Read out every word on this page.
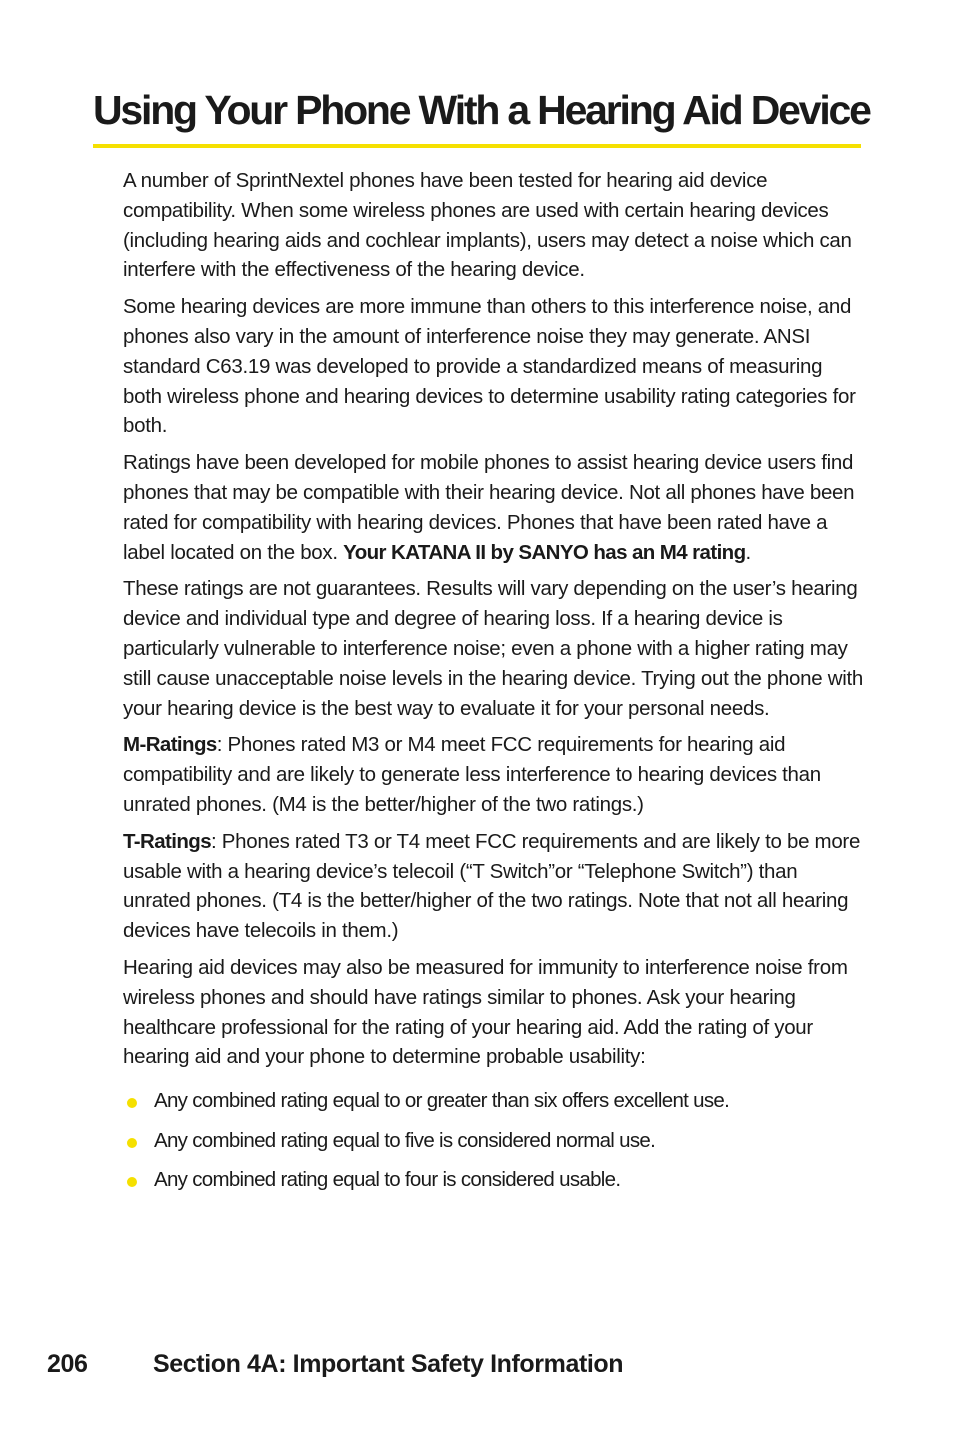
Using Your Phone With a Hearing Aid Device

A number of SprintNextel phones have been tested for hearing aid device compatibility. When some wireless phones are used with certain hearing devices (including hearing aids and cochlear implants), users may detect a noise which can interfere with the effectiveness of the hearing device.

Some hearing devices are more immune than others to this interference noise, and phones also vary in the amount of interference noise they may generate. ANSI standard C63.19 was developed to provide a standardized means of measuring both wireless phone and hearing devices to determine usability rating categories for both.

Ratings have been developed for mobile phones to assist hearing device users find phones that may be compatible with their hearing device. Not all phones have been rated for compatibility with hearing devices. Phones that have been rated have a label located on the box. Your KATANA II by SANYO has an M4 rating.

These ratings are not guarantees. Results will vary depending on the user’s hearing device and individual type and degree of hearing loss. If a hearing device is particularly vulnerable to interference noise; even a phone with a higher rating may still cause unacceptable noise levels in the hearing device. Trying out the phone with your hearing device is the best way to evaluate it for your personal needs.

M-Ratings: Phones rated M3 or M4 meet FCC requirements for hearing aid compatibility and are likely to generate less interference to hearing devices than unrated phones. (M4 is the better/higher of the two ratings.)

T-Ratings: Phones rated T3 or T4 meet FCC requirements and are likely to be more usable with a hearing device’s telecoil (“T Switch”or “Telephone Switch”) than unrated phones. (T4 is the better/higher of the two ratings. Note that not all hearing devices have telecoils in them.)

Hearing aid devices may also be measured for immunity to interference noise from wireless phones and should have ratings similar to phones. Ask your hearing healthcare professional for the rating of your hearing aid. Add the rating of your hearing aid and your phone to determine probable usability:

Any combined rating equal to or greater than six offers excellent use.
Any combined rating equal to five is considered normal use.
Any combined rating equal to four is considered usable.
206	Section 4A: Important Safety Information
